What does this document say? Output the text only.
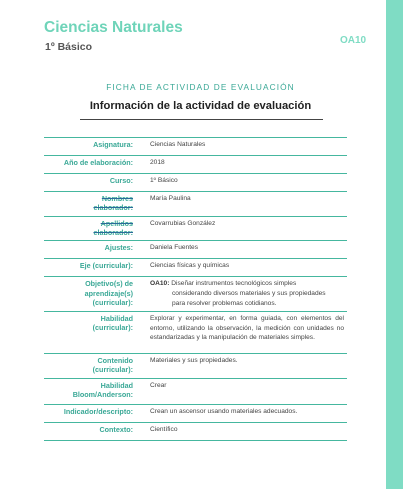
Ciencias Naturales
1º Básico
OA10
FICHA DE ACTIVIDAD DE EVALUACIÓN
Información de la actividad de evaluación
Asignatura:	Ciencias Naturales
Año de elaboración:	2018
Curso:	1º Básico
Nombres
elaborador:	María Paulina
Apellidos
elaborador:	Covarrubias González
Ajustes:	Daniela Fuentes
Eje (curricular):	Ciencias físicas y químicas
Objetivo(s) de
aprendizaje(s)
(curricular):	OA10: Diseñar instrumentos tecnológicos simples
considerando diversos materiales y sus propiedades
para resolver problemas cotidianos.

Habilidad
(curricular):	Explorar y experimentar, en forma guiada, con elementos del entorno, utilizando la observación, la medición con unidades no estandarizadas y la manipulación de materiales simples.
Contenido
(curricular):	Materiales y sus propiedades.
Habilidad
Bloom/Anderson:	Crear
Indicador/descripto:	Crean un ascensor usando materiales adecuados.
Contexto:	Científico
